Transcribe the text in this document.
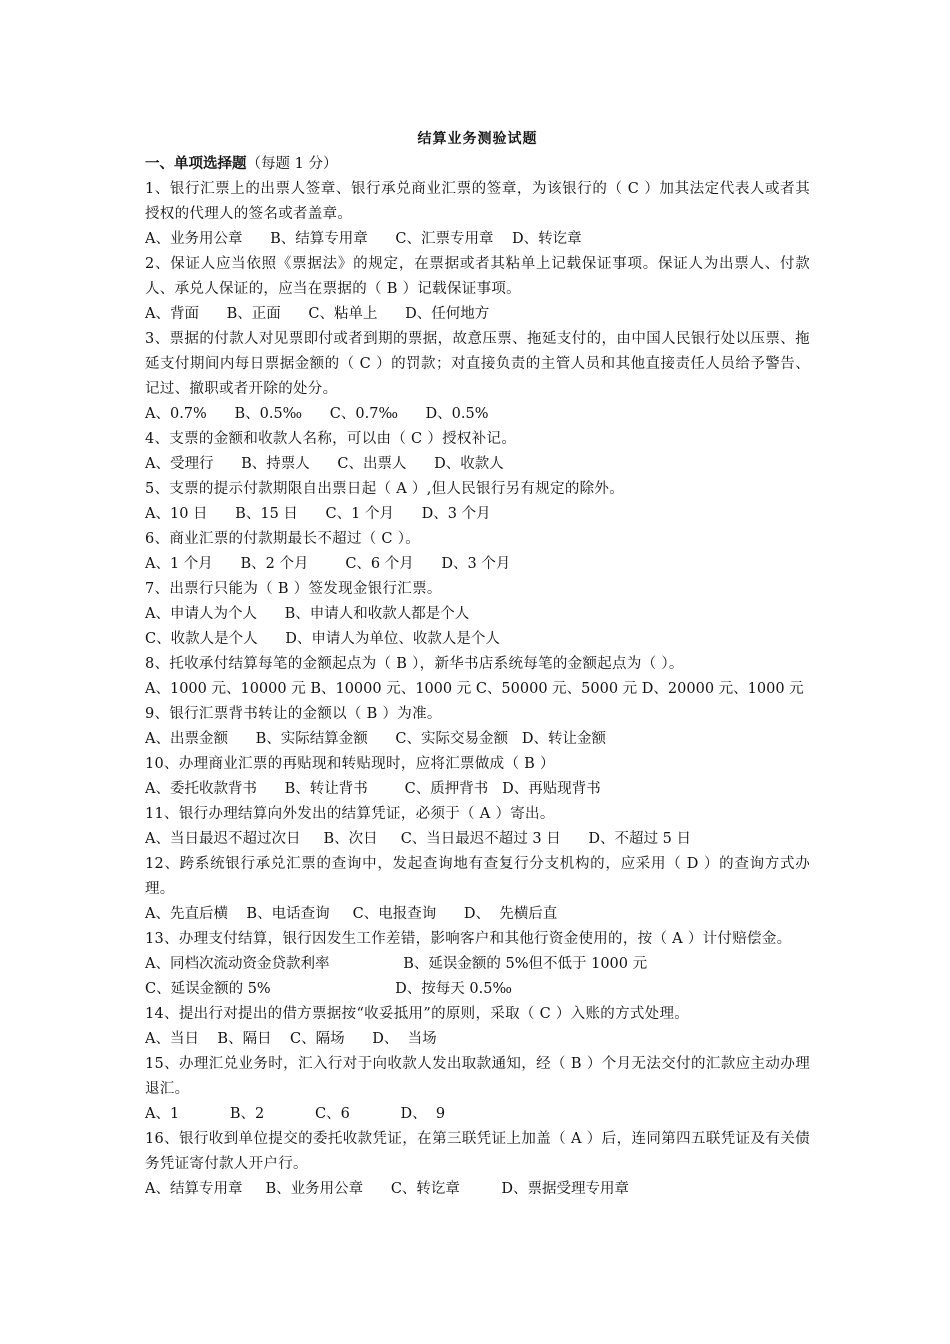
结算业务测验试题

一、单项选择题（每题 1 分）

1、银行汇票上的出票人签章、银行承兑商业汇票的签章，为该银行的（ C ）加其法定代表人或者其授权的代理人的签名或者盖章。

A、业务用公章      B、结算专用章      C、汇票专用章    D、转讫章

2、保证人应当依照《票据法》的规定，在票据或者其粘单上记载保证事项。保证人为出票人、付款人、承兑人保证的，应当在票据的（ B ）记载保证事项。

A、背面      B、正面      C、粘单上      D、任何地方

3、票据的付款人对见票即付或者到期的票据，故意压票、拖延支付的，由中国人民银行处以压票、拖延支付期间内每日票据金额的（ C ）的罚款；对直接负责的主管人员和其他直接责任人员给予警告、记过、撤职或者开除的处分。

A、0.7%      B、0.5‰      C、0.7‰      D、0.5%

4、支票的金额和收款人名称，可以由（ C ）授权补记。

A、受理行      B、持票人      C、出票人      D、收款人

5、支票的提示付款期限自出票日起（ A ）,但人民银行另有规定的除外。

A、10 日      B、15 日      C、1 个月      D、3 个月

6、商业汇票的付款期最长不超过（ C ）。

A、1 个月      B、2 个月        C、6 个月      D、3 个月

7、出票行只能为（ B ）签发现金银行汇票。

A、申请人为个人      B、申请人和收款人都是个人

C、收款人是个人      D、申请人为单位、收款人是个人

8、托收承付结算每笔的金额起点为（ B ），新华书店系统每笔的金额起点为（ ）。

A、1000 元、10000 元 B、10000 元、1000 元 C、50000 元、5000 元 D、20000 元、1000 元

9、银行汇票背书转让的金额以（ B ）为准。

A、出票金额      B、实际结算金额      C、实际交易金额   D、转让金额

10、办理商业汇票的再贴现和转贴现时，应将汇票做成（ B ）

A、委托收款背书      B、转让背书        C、质押背书   D、再贴现背书

11、银行办理结算向外发出的结算凭证，必须于（ A ）寄出。

A、当日最迟不超过次日     B、次日     C、当日最迟不超过 3 日      D、不超过 5 日

12、跨系统银行承兑汇票的查询中，发起查询地有查复行分支机构的，应采用（ D ）的查询方式办理。

A、先直后横    B、电话查询     C、电报查询      D、  先横后直

13、办理支付结算，银行因发生工作差错，影响客户和其他行资金使用的，按（ A ）计付赔偿金。

A、同档次流动资金贷款利率                B、延误金额的 5%但不低于 1000 元

C、延误金额的 5%                           D、按每天 0.5‰

14、提出行对提出的借方票据按“收妥抵用”的原则，采取（ C ）入账的方式处理。

A、当日    B、隔日    C、隔场      D、  当场

15、办理汇兑业务时，汇入行对于向收款人发出取款通知，经（ B ）个月无法交付的汇款应主动办理退汇。

A、1           B、2           C、6           D、  9

16、银行收到单位提交的委托收款凭证，在第三联凭证上加盖（ A ）后，连同第四五联凭证及有关债务凭证寄付款人开户行。

A、结算专用章     B、业务用公章      C、转讫章         D、票据受理专用章
